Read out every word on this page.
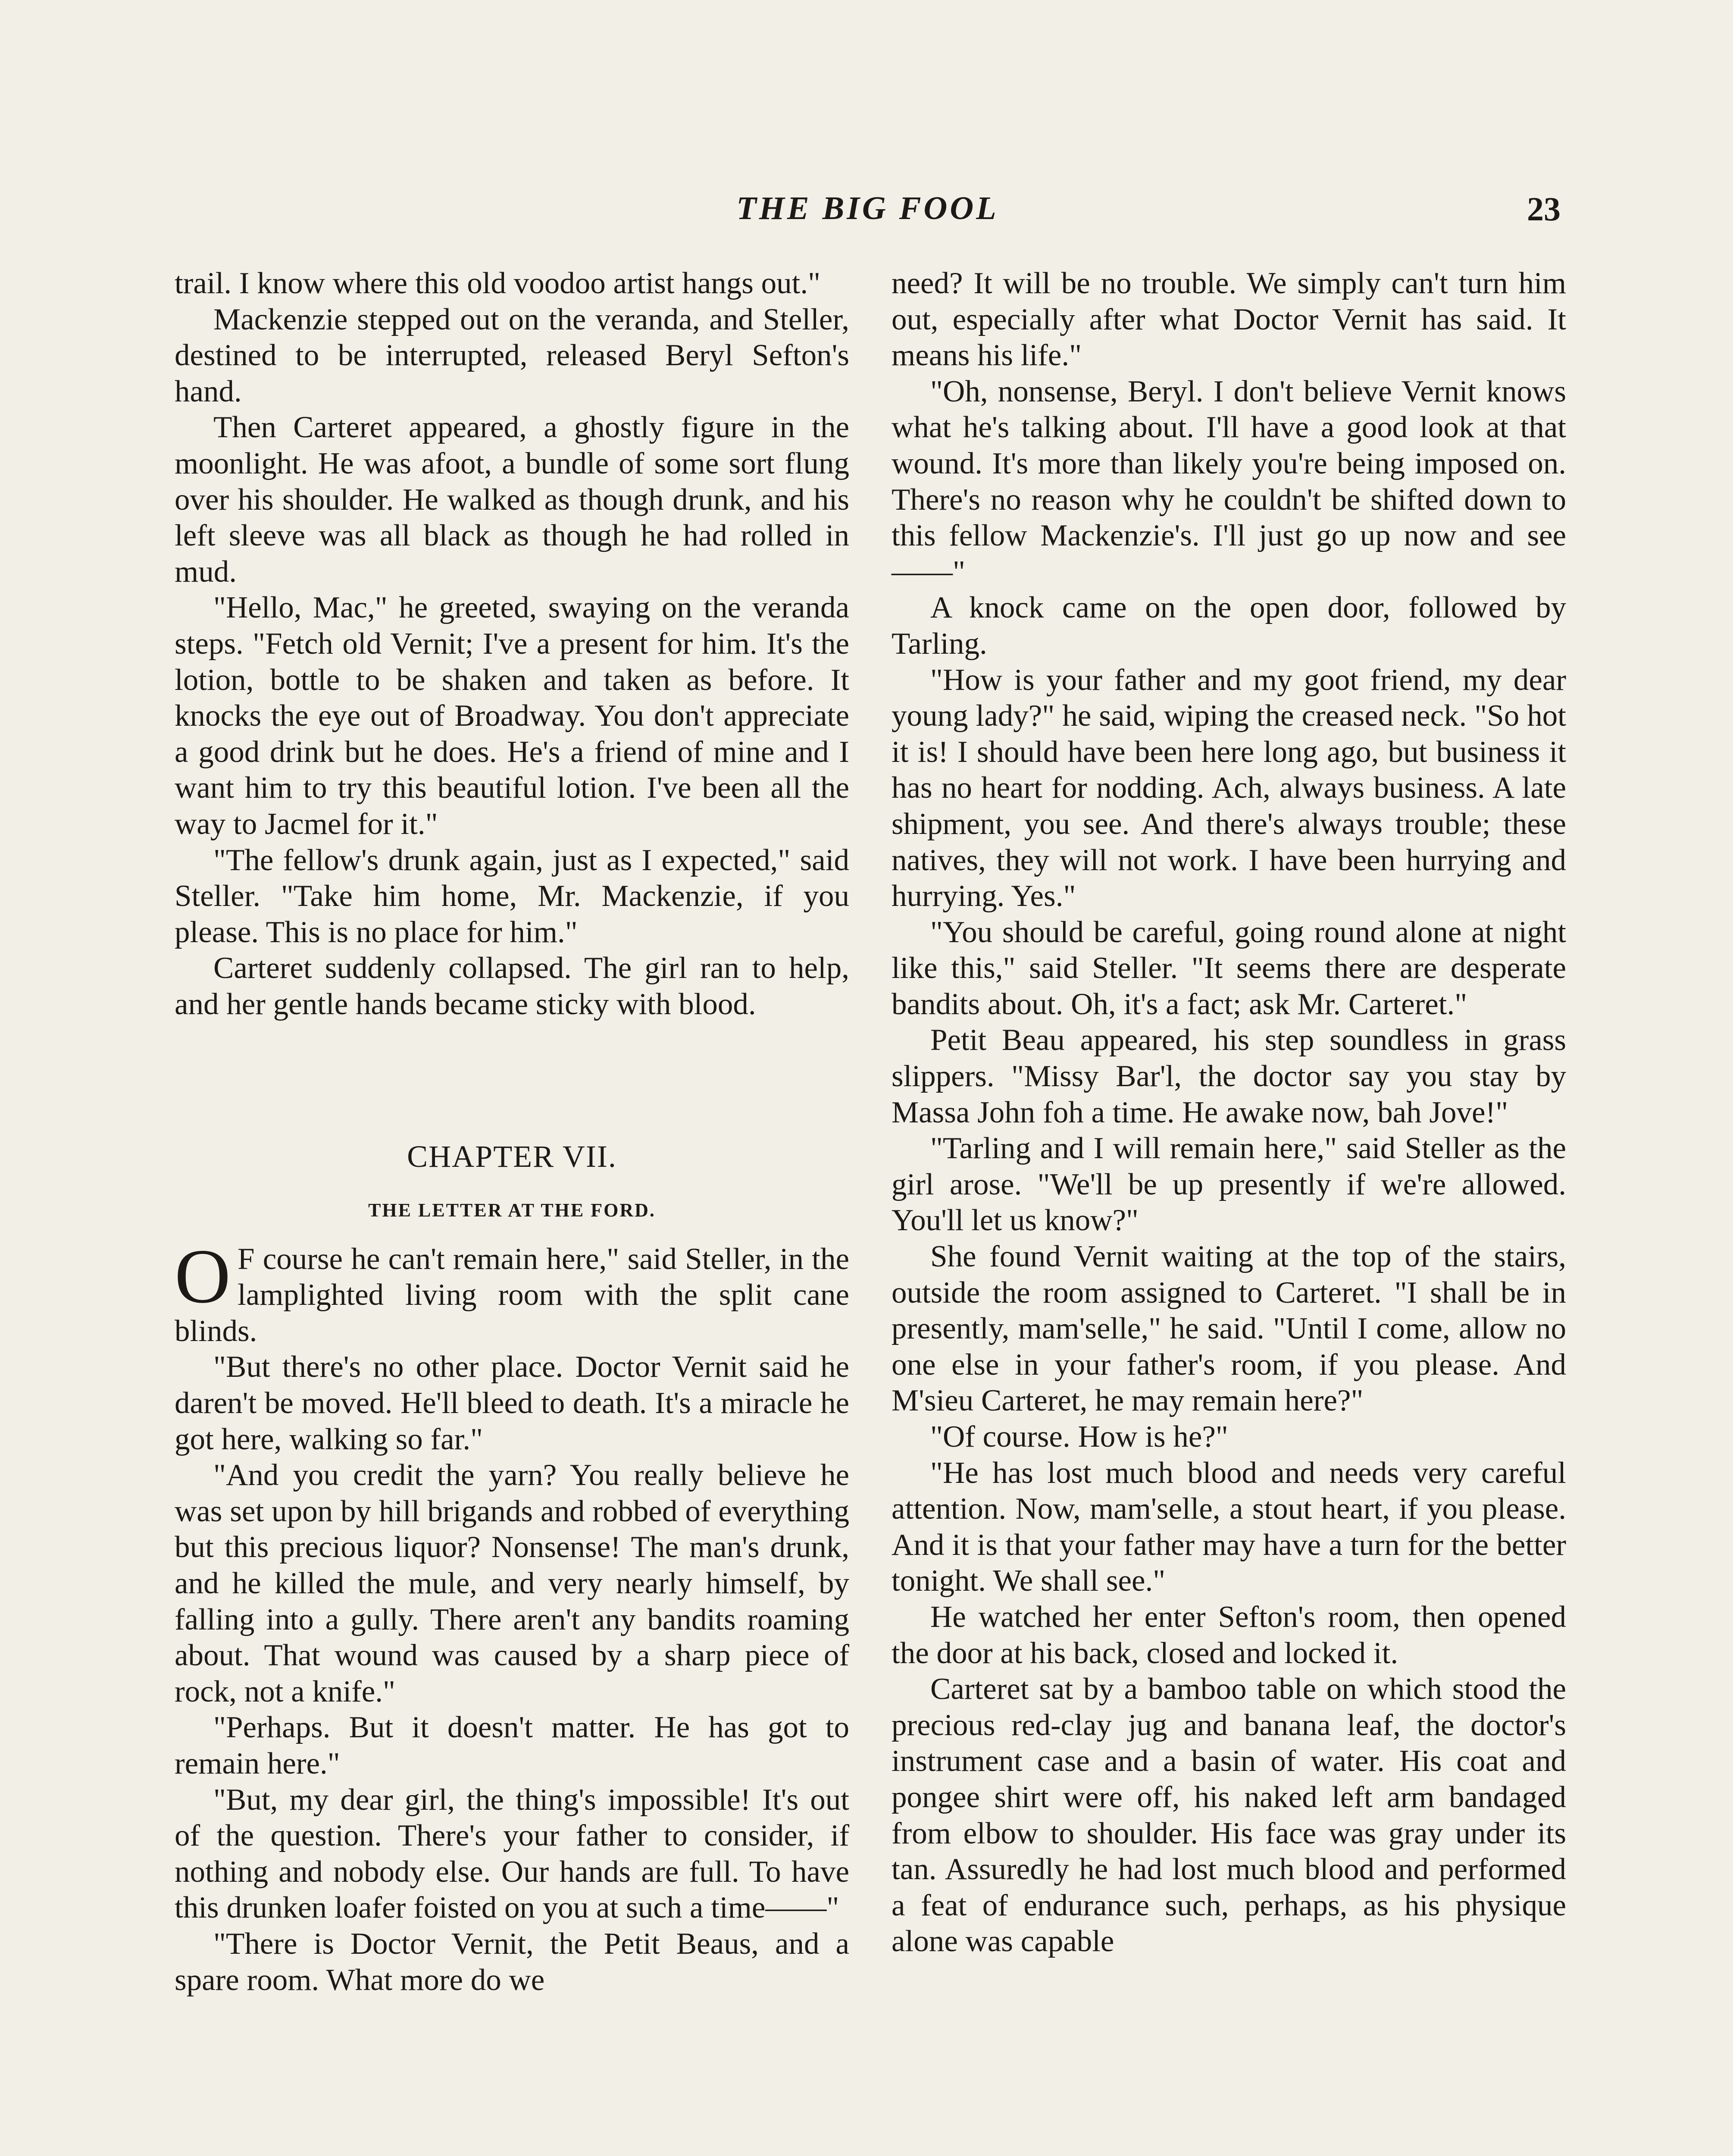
THE BIG FOOL	23

trail. I know where this old voodoo artist hangs out."

Mackenzie stepped out on the veranda, and Steller, destined to be interrupted, released Beryl Sefton's hand.

Then Carteret appeared, a ghostly figure in the moonlight. He was afoot, a bundle of some sort flung over his shoulder. He walked as though drunk, and his left sleeve was all black as though he had rolled in mud.

"Hello, Mac," he greeted, swaying on the veranda steps. "Fetch old Vernit; I've a present for him. It's the lotion, bottle to be shaken and taken as before. It knocks the eye out of Broadway. You don't appreciate a good drink but he does. He's a friend of mine and I want him to try this beautiful lotion. I've been all the way to Jacmel for it."

"The fellow's drunk again, just as I expected," said Steller. "Take him home, Mr. Mackenzie, if you please. This is no place for him."

Carteret suddenly collapsed. The girl ran to help, and her gentle hands became sticky with blood.

CHAPTER VII.
THE LETTER AT THE FORD.

O F course he can't remain here," said Steller, in the lamplighted living room with the split cane blinds.

"But there's no other place. Doctor Vernit said he daren't be moved. He'll bleed to death. It's a miracle he got here, walking so far."

"And you credit the yarn? You really believe he was set upon by hill brigands and robbed of everything but this precious liquor? Nonsense! The man's drunk, and he killed the mule, and very nearly himself, by falling into a gully. There aren't any bandits roaming about. That wound was caused by a sharp piece of rock, not a knife."

"Perhaps. But it doesn't matter. He has got to remain here."

"But, my dear girl, the thing's impossible! It's out of the question. There's your father to consider, if nothing and nobody else. Our hands are full. To have this drunken loafer foisted on you at such a time——"

"There is Doctor Vernit, the Petit Beaus, and a spare room. What more do we

need? It will be no trouble. We simply can't turn him out, especially after what Doctor Vernit has said. It means his life."

"Oh, nonsense, Beryl. I don't believe Vernit knows what he's talking about. I'll have a good look at that wound. It's more than likely you're being imposed on. There's no reason why he couldn't be shifted down to this fellow Mackenzie's. I'll just go up now and see——"

A knock came on the open door, followed by Tarling.

"How is your father and my goot friend, my dear young lady?" he said, wiping the creased neck. "So hot it is! I should have been here long ago, but business it has no heart for nodding. Ach, always business. A late shipment, you see. And there's always trouble; these natives, they will not work. I have been hurrying and hurrying. Yes."

"You should be careful, going round alone at night like this," said Steller. "It seems there are desperate bandits about. Oh, it's a fact; ask Mr. Carteret."

Petit Beau appeared, his step soundless in grass slippers. "Missy Bar'l, the doctor say you stay by Massa John foh a time. He awake now, bah Jove!"

"Tarling and I will remain here," said Steller as the girl arose. "We'll be up presently if we're allowed. You'll let us know?"

She found Vernit waiting at the top of the stairs, outside the room assigned to Carteret. "I shall be in presently, mam'selle," he said. "Until I come, allow no one else in your father's room, if you please. And M'sieu Carteret, he may remain here?"

"Of course. How is he?"

"He has lost much blood and needs very careful attention. Now, mam'selle, a stout heart, if you please. And it is that your father may have a turn for the better tonight. We shall see."

He watched her enter Sefton's room, then opened the door at his back, closed and locked it.

Carteret sat by a bamboo table on which stood the precious red-clay jug and banana leaf, the doctor's instrument case and a basin of water. His coat and pongee shirt were off, his naked left arm bandaged from elbow to shoulder. His face was gray under its tan. Assuredly he had lost much blood and performed a feat of endurance such, perhaps, as his physique alone was capable
